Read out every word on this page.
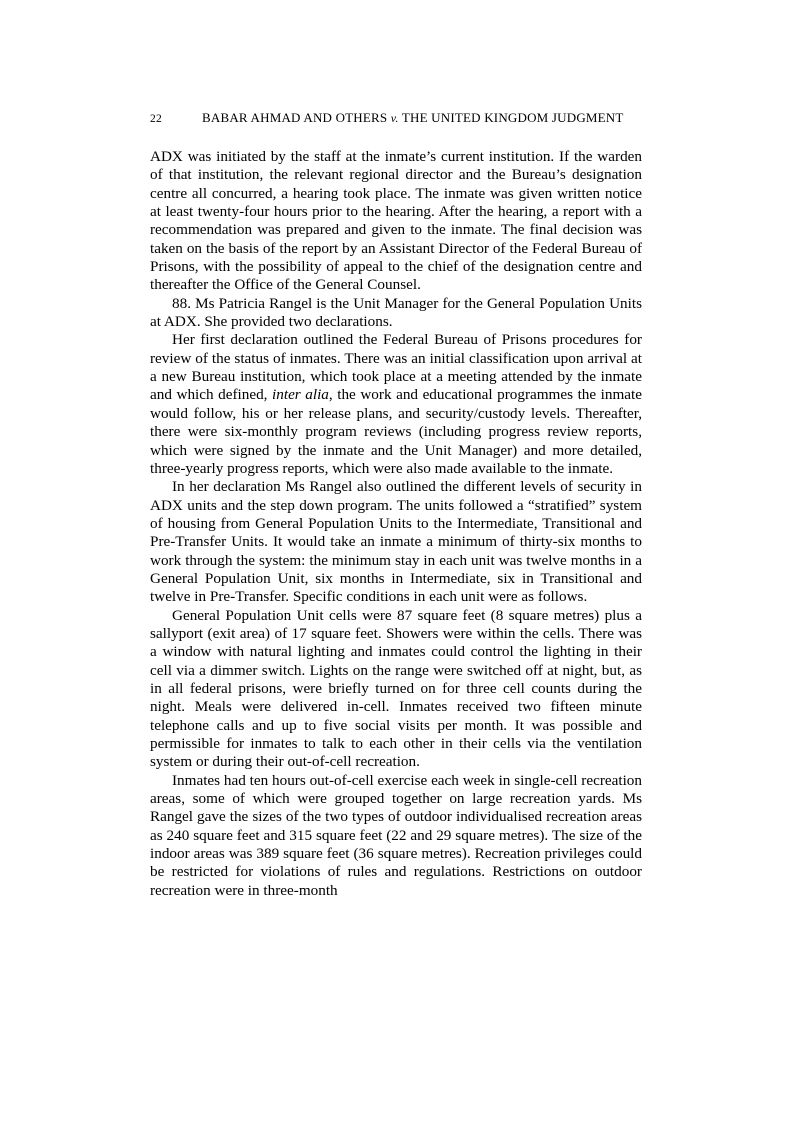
22	BABAR AHMAD AND OTHERS v. THE UNITED KINGDOM JUDGMENT

ADX was initiated by the staff at the inmate’s current institution. If the warden of that institution, the relevant regional director and the Bureau’s designation centre all concurred, a hearing took place. The inmate was given written notice at least twenty-four hours prior to the hearing. After the hearing, a report with a recommendation was prepared and given to the inmate. The final decision was taken on the basis of the report by an Assistant Director of the Federal Bureau of Prisons, with the possibility of appeal to the chief of the designation centre and thereafter the Office of the General Counsel.

88. Ms Patricia Rangel is the Unit Manager for the General Population Units at ADX. She provided two declarations.

Her first declaration outlined the Federal Bureau of Prisons procedures for review of the status of inmates. There was an initial classification upon arrival at a new Bureau institution, which took place at a meeting attended by the inmate and which defined, inter alia, the work and educational programmes the inmate would follow, his or her release plans, and security/custody levels. Thereafter, there were six-monthly program reviews (including progress review reports, which were signed by the inmate and the Unit Manager) and more detailed, three-yearly progress reports, which were also made available to the inmate.

In her declaration Ms Rangel also outlined the different levels of security in ADX units and the step down program. The units followed a “stratified” system of housing from General Population Units to the Intermediate, Transitional and Pre-Transfer Units. It would take an inmate a minimum of thirty-six months to work through the system: the minimum stay in each unit was twelve months in a General Population Unit, six months in Intermediate, six in Transitional and twelve in Pre-Transfer. Specific conditions in each unit were as follows.

General Population Unit cells were 87 square feet (8 square metres) plus a sallyport (exit area) of 17 square feet. Showers were within the cells. There was a window with natural lighting and inmates could control the lighting in their cell via a dimmer switch. Lights on the range were switched off at night, but, as in all federal prisons, were briefly turned on for three cell counts during the night. Meals were delivered in-cell. Inmates received two fifteen minute telephone calls and up to five social visits per month. It was possible and permissible for inmates to talk to each other in their cells via the ventilation system or during their out-of-cell recreation.

Inmates had ten hours out-of-cell exercise each week in single-cell recreation areas, some of which were grouped together on large recreation yards. Ms Rangel gave the sizes of the two types of outdoor individualised recreation areas as 240 square feet and 315 square feet (22 and 29 square metres). The size of the indoor areas was 389 square feet (36 square metres). Recreation privileges could be restricted for violations of rules and regulations. Restrictions on outdoor recreation were in three-month
